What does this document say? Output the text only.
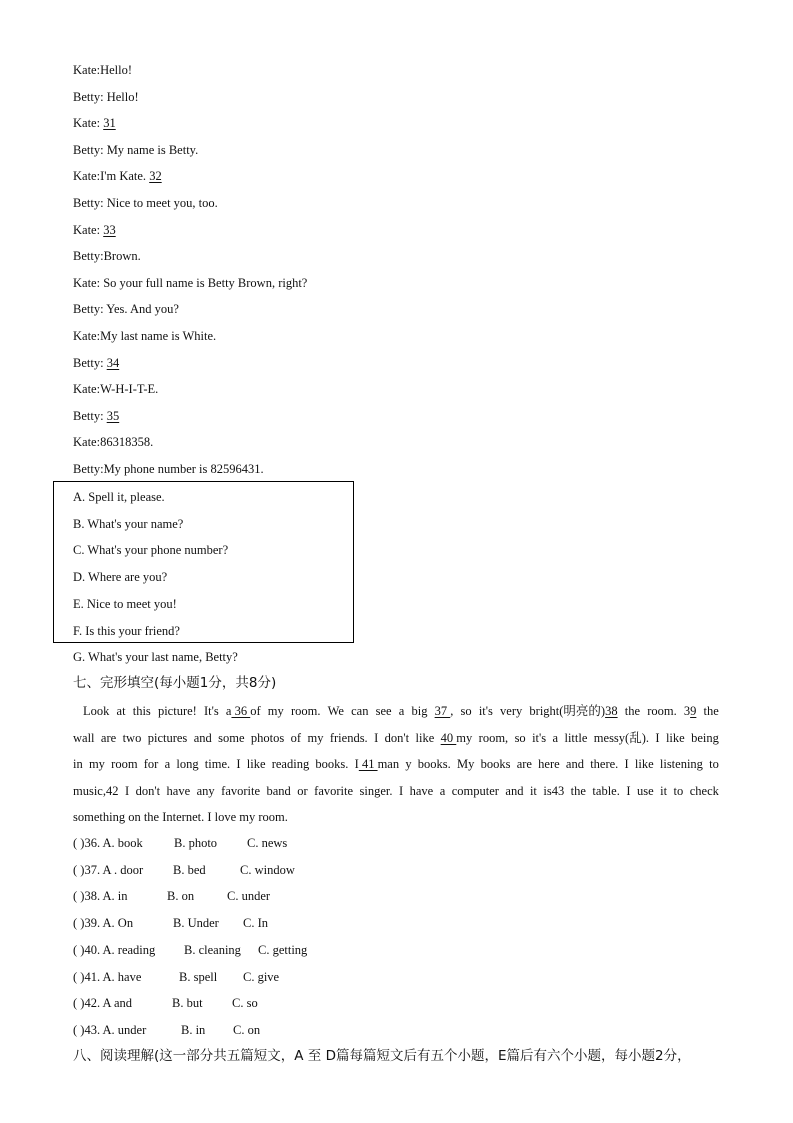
Kate:Hello!
Betty: Hello!
Kate: 31
Betty: My name is Betty.
Kate:I'm Kate. 32
Betty: Nice to meet you, too.
Kate: 33
Betty:Brown.
Kate: So your full name is Betty Brown, right?
Betty: Yes. And you?
Kate:My last name is White.
Betty: 34
Kate:W-H-I-T-E.
Betty: 35
Kate:86318358.
Betty:My phone number is 82596431.
A. Spell it, please.
B. What's your name?
C. What's your phone number?
D. Where are you?
E. Nice to meet you!
F. Is this your friend?
G. What's your last name, Betty?
七、完形填空(每小题1分，共8分)
Look at this picture! It's a 36 of my room. We can see a big 37 , so it's very bright(明亮的)38 the room. 39 the
wall are two pictures and some photos of my friends. I don't like 40 my room, so it's a little messy(乱). I like being
in my room for a long time. I like reading books. I 41 man y books. My books are here and there. I like listening to
music,42 I don't have any favorite band or favorite singer. I have a computer and it is43 the table. I use it to check
something on the Internet. I love my room.
( )36. A. book B. photo C. news
( )37. A . door B. bed	C. window
( )38. A. in	B. on	C. under
( )39. A. On	B. Under C. In
( )40. A. reading B. cleaning C. getting
( )41. A. have	B. spell C. give
( )42. A and	B. but C. so
( )43. A. under	B. in C. on
八、阅读理解(这一部分共五篇短文，A 至 D篇每篇短文后有五个小题，E篇后有六个小题，每小题2分，
